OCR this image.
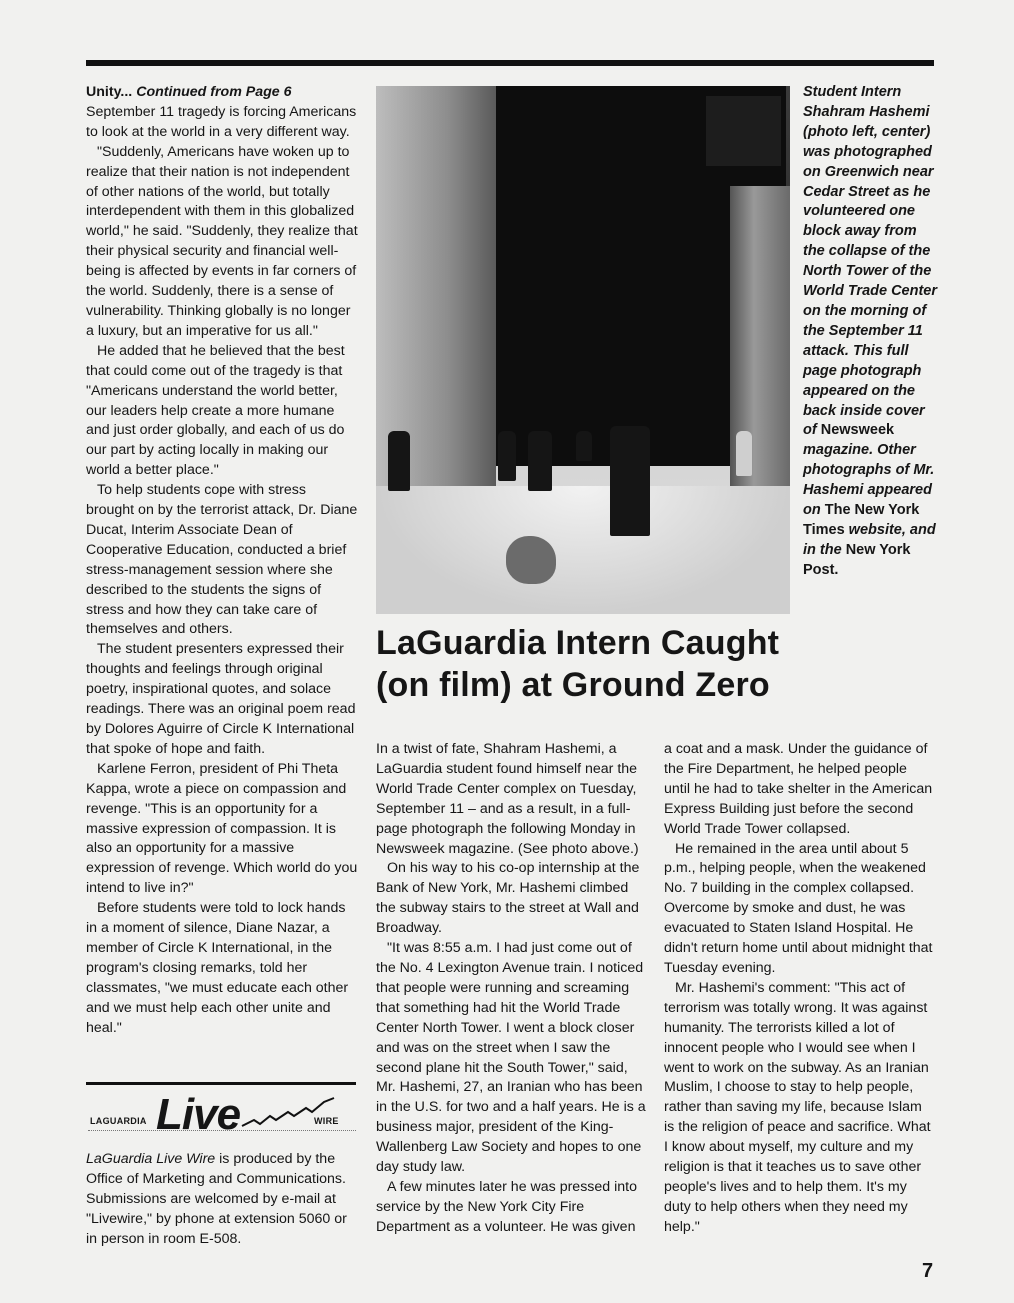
Unity... Continued from Page 6

September 11 tragedy is forcing Americans to look at the world in a very different way.

"Suddenly, Americans have woken up to realize that their nation is not independent of other nations of the world, but totally interdependent with them in this globalized world," he said. "Suddenly, they realize that their physical security and financial well-being is affected by events in far corners of the world. Suddenly, there is a sense of vulnerability. Thinking globally is no longer a luxury, but an imperative for us all."

He added that he believed that the best that could come out of the tragedy is that "Americans understand the world better, our leaders help create a more humane and just order globally, and each of us do our part by acting locally in making our world a better place."

To help students cope with stress brought on by the terrorist attack, Dr. Diane Ducat, Interim Associate Dean of Cooperative Education, conducted a brief stress-management session where she described to the students the signs of stress and how they can take care of themselves and others.

The student presenters expressed their thoughts and feelings through original poetry, inspirational quotes, and solace readings. There was an original poem read by Dolores Aguirre of Circle K International that spoke of hope and faith.

Karlene Ferron, president of Phi Theta Kappa, wrote a piece on compassion and revenge. "This is an opportunity for a massive expression of compassion. It is also an opportunity for a massive expression of revenge. Which world do you intend to live in?"

Before students were told to lock hands in a moment of silence, Diane Nazar, a member of Circle K International, in the program's closing remarks, told her classmates, "we must educate each other and we must help each other unite and heal."

Student Intern Shahram Hashemi (photo left, center) was photographed on Greenwich near Cedar Street as he volunteered one block away from the collapse of the North Tower of the World Trade Center on the morning of the September 11 attack. This full page photograph appeared on the back inside cover of Newsweek magazine. Other photographs of Mr. Hashemi appeared on The New York Times website, and in the New York Post.
LaGuardia Intern Caught (on film) at Ground Zero

In a twist of fate, Shahram Hashemi, a LaGuardia student found himself near the World Trade Center complex on Tuesday, September 11 – and as a result, in a full-page photograph the following Monday in Newsweek magazine. (See photo above.)

On his way to his co-op internship at the Bank of New York, Mr. Hashemi climbed the subway stairs to the street at Wall and Broadway.

"It was 8:55 a.m. I had just come out of the No. 4 Lexington Avenue train. I noticed that people were running and screaming that something had hit the World Trade Center North Tower. I went a block closer and was on the street when I saw the second plane hit the South Tower," said, Mr. Hashemi, 27, an Iranian who has been in the U.S. for two and a half years. He is a business major, president of the King-Wallenberg Law Society and hopes to one day study law.

A few minutes later he was pressed into service by the New York City Fire Department as a volunteer. He was given

a coat and a mask. Under the guidance of the Fire Department, he helped people until he had to take shelter in the American Express Building just before the second World Trade Tower collapsed.

He remained in the area until about 5 p.m., helping people, when the weakened No. 7 building in the complex collapsed. Overcome by smoke and dust, he was evacuated to Staten Island Hospital. He didn't return home until about midnight that Tuesday evening.

Mr. Hashemi's comment: "This act of terrorism was totally wrong. It was against humanity. The terrorists killed a lot of innocent people who I would see when I went to work on the subway. As an Iranian Muslim, I choose to stay to help people, rather than saving my life, because Islam is the religion of peace and sacrifice. What I know about myself, my culture and my religion is that it teaches us to save other people's lives and to help them. It's my duty to help others when they need my help."

LAGUARDIA Live	WIRE

LaGuardia Live Wire is produced by the Office of Marketing and Communications. Submissions are welcomed by e-mail at "Livewire," by phone at extension 5060 or in person in room E-508.

7
